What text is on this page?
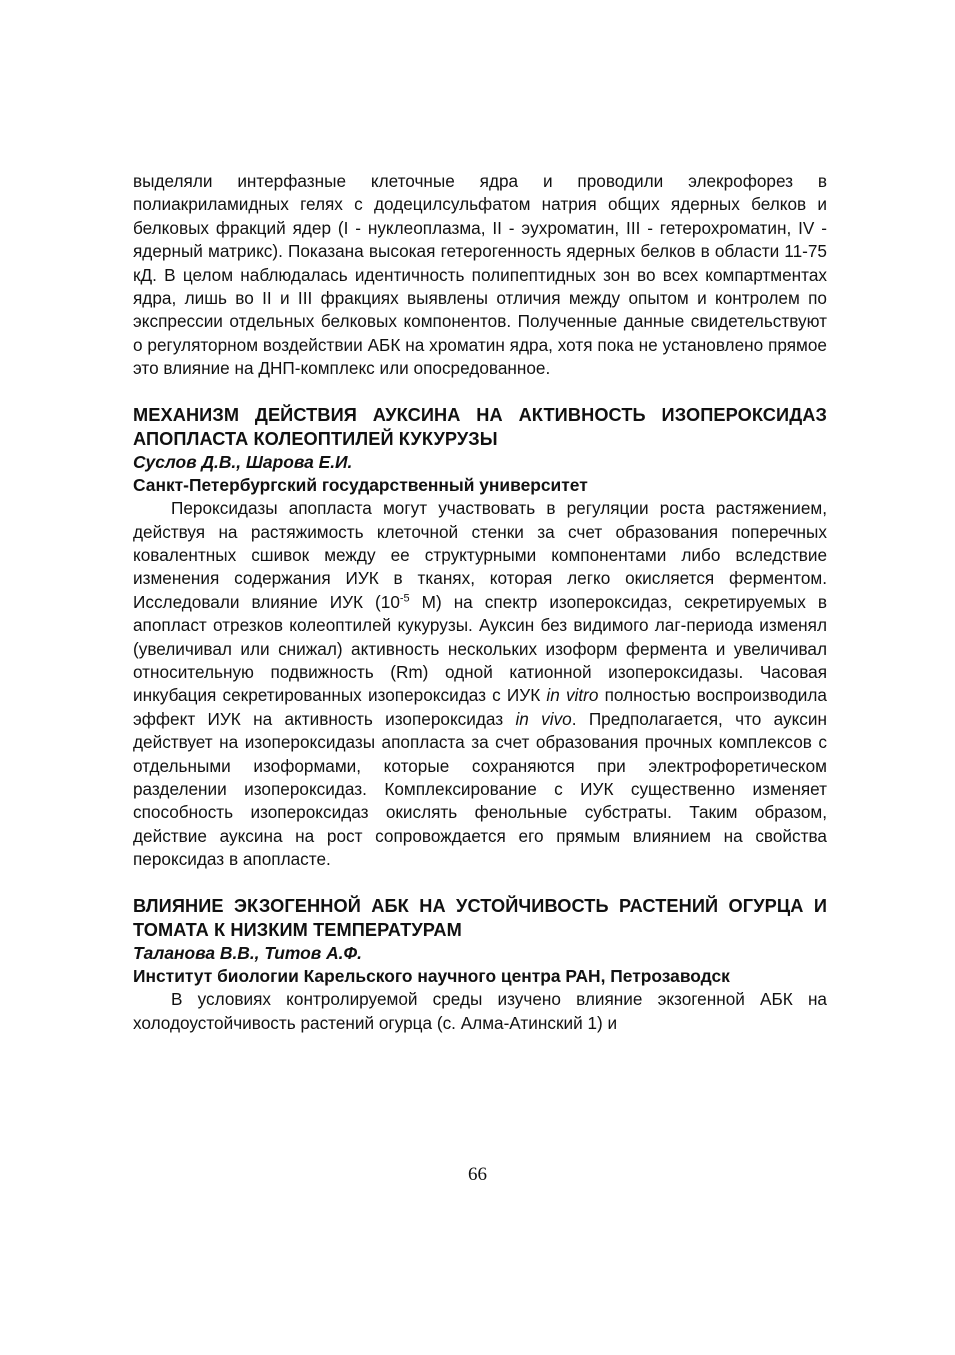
выделяли интерфазные клеточные ядра и проводили элекрофорез в полиакриламидных гелях с додецилсульфатом натрия общих ядерных белков и белковых фракций ядер (I - нуклеоплазма, II - эухроматин, III - гетерохроматин, IV - ядерный матрикс). Показана высокая гетерогенность ядерных белков в области 11-75 кД. В целом наблюдалась идентичность полипептидных зон во всех компартментах ядра, лишь во II и III фракциях выявлены отличия между опытом и контролем по экспрессии отдельных белковых компонентов. Полученные данные свидетельствуют о регуляторном воздействии АБК на хроматин ядра, хотя пока не установлено прямое это влияние на ДНП-комплекс или опосредованное.

МЕХАНИЗМ ДЕЙСТВИЯ АУКСИНА НА АКТИВНОСТЬ ИЗОПЕРОКСИДАЗ АПОПЛАСТА КОЛЕОПТИЛЕЙ КУКУРУЗЫ

Суслов Д.В., Шарова Е.И.

Санкт-Петербургский государственный университет

Пероксидазы апопласта могут участвовать в регуляции роста растяжением, действуя на растяжимость клеточной стенки за счет образования поперечных ковалентных сшивок между ее структурными компонентами либо вследствие изменения содержания ИУК в тканях, которая легко окисляется ферментом. Исследовали влияние ИУК ($10^{-5}$ М) на спектр изопероксидаз, секретируемых в апопласт отрезков колеоптилей кукурузы. Ауксин без видимого лаг-периода изменял (увеличивал или снижал) активность нескольких изоформ фермента и увеличивал относительную подвижность (Rm) одной катионной изопероксидазы. Часовая инкубация секретированных изопероксидаз с ИУК in vitro полностью воспроизводила эффект ИУК на активность изопероксидаз in vivo. Предполагается, что ауксин действует на изопероксидазы апопласта за счет образования прочных комплексов с отдельными изоформами, которые сохраняются при электрофоретическом разделении изопероксидаз. Комплексирование с ИУК существенно изменяет способность изопероксидаз окислять фенольные субстраты. Таким образом, действие ауксина на рост сопровождается его прямым влиянием на свойства пероксидаз в апопласте.

ВЛИЯНИЕ ЭКЗОГЕННОЙ АБК НА УСТОЙЧИВОСТЬ РАСТЕНИЙ ОГУРЦА И ТОМАТА К НИЗКИМ ТЕМПЕРАТУРАМ

Таланова В.В., Титов А.Ф.

Институт биологии Карельского научного центра РАН, Петрозаводск

В условиях контролируемой среды изучено влияние экзогенной АБК на холодоустойчивость растений огурца (с. Алма-Атинский 1) и

66
